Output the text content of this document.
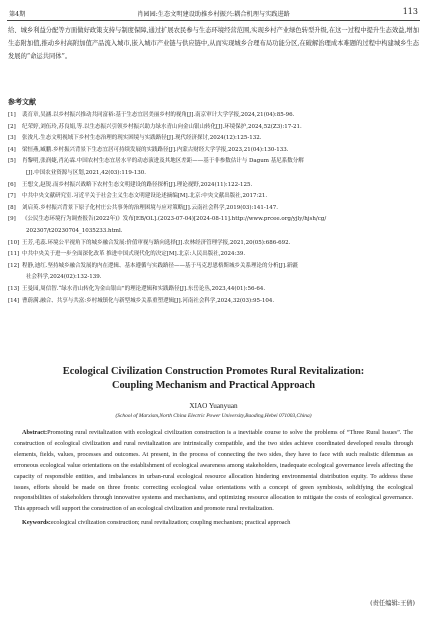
第4期	肖园园:生态文明建设助推乡村振兴:耦合机理与实践进路	113

给、城乡利益分配等方面做好政策支持与制度保障,通过扩展农民参与生态环境经营范围,实现乡村产业绿色转型升级,在这一过程中提升生态效益,增加生态附加值,推动乡村高附加值产品流入城市,嵌入城市产业链与供应链中,从而实现城乡合理布局功能分区,在破解治理成本难题的过程中构建城乡生态发展的“命运共同体”。

参考文献
[1] 裴育章,吴涵.以乡村振兴推动共同富裕:基于生态宜居美丽乡村的视角[J].南京审计大学学报,2024,21(04):85-96.
[2] 纪荣婷,刘伍玲,苏良娟,等.以生态振兴引领乡村振兴助力绿水青山向金山银山转化[J].环境保护,2024,52(Z3):17-21.
[3] 张浚凡.生态文明视域下乡村生态治理的现实困境与实践路径[J].现代经济探讨,2024(12):125-132.
[4] 梁恒燕,臧鹏.乡村振兴背景下生态宜居可持续发展的实践路径[J].内蒙古财经大学学报,2023,21(04):130-133.
[5] 肖黎明,张润婕,肖沁霖.中国农村生态宜居水平的动态演进及其地区差距——基于非参数估计与 Dagum 基尼系数分解
[J].中国农业资源与区划,2021,42(03):119-130.
[6] 王想文,赵锐.而乡村振兴战略下农村生态文明建设的路径探析[J].理论视野,2024(11):122-125.
[7] 中共中央文献研究室.习近平关于社会主义生态文明建设论述摘编[M].北京:中央文献出版社,2017:21.
[8] 刘启英.乡村振兴背景下原子化村庄公共事务的治理困境与应对策略[J].云南社会科学,2019(03):141-147.
[9] 《公民生态环境行为调查报告(2022年)》发布[EB/OL].(2023-07-04)[2024-08-11].http://www.prcee.org/yjly/hjsh/cg/
202307/t20230704_1035233.html.
[10] 王芳,毛蕊.环境公平视角下的城乡融合发展:价值审视与路向选择[J].农林经济管理学报,2021,20(05):686-692.
[11] 中共中央关于进一步全面深化改革 推进中国式现代化的决定[M].北京:人民出版社,2024:39.
[12] 程静,迪红.坚持城乡融合发展的内在逻辑、基本遵循与实践路径——基于马克思恩格斯城乡关系理论的分析[J].新疆
社会科学,2024(02):132-139.
[13] 王曼园,周信智.“绿水青山转化为金山银山”的理论逻辑和实践路径[J].东岳论丛,2023,44(01):56-64.
[14] 曹蔚满.融合、共享与共富:乡村城镇化与新型城乡关系重塑逻辑[J].河南社会科学,2024,32(03):95-104.

Ecological Civilization Construction Promotes Rural Revitalization:
Coupling Mechanism and Practical Approach

XIAO Yuanyuan
(School of Marxism,North China Electric Power University,Baoding,Hebei 071003,China)

Abstract:Promoting rural revitalization with ecological civilization construction is a inevitable course to solve the problems of “Three Rural Issues”. The construction of ecological civilization and rural revitalization are intrinsically compatible, and the two sides achieve coordinated developed results through elements, fields, values, processes and outcomes. At present, in the process of connecting the two sides, they have to face with such realistic dilemmas as erroneous ecological value orientations on the establishment of ecological awareness among stakeholders, inadequate ecological governance levels affecting the capacity of responsible entities, and imbalances in urban-rural ecological resource allocation hindering environmental distribution equity. To address these issues, efforts should be made on three fronts: correcting ecological value orientations with a concept of green symbiosis, solidifying the ecological responsibilities of stakeholders through innovative systems and mechanisms, and optimizing resource allocation to mitigate the costs of ecological governance. This approach will support the construction of an ecological civilization and promote rural revitalization.

Keywords:ecological civilization construction; rural revitalization; coupling mechanism; practical approach

(责任编辑:王倩)
